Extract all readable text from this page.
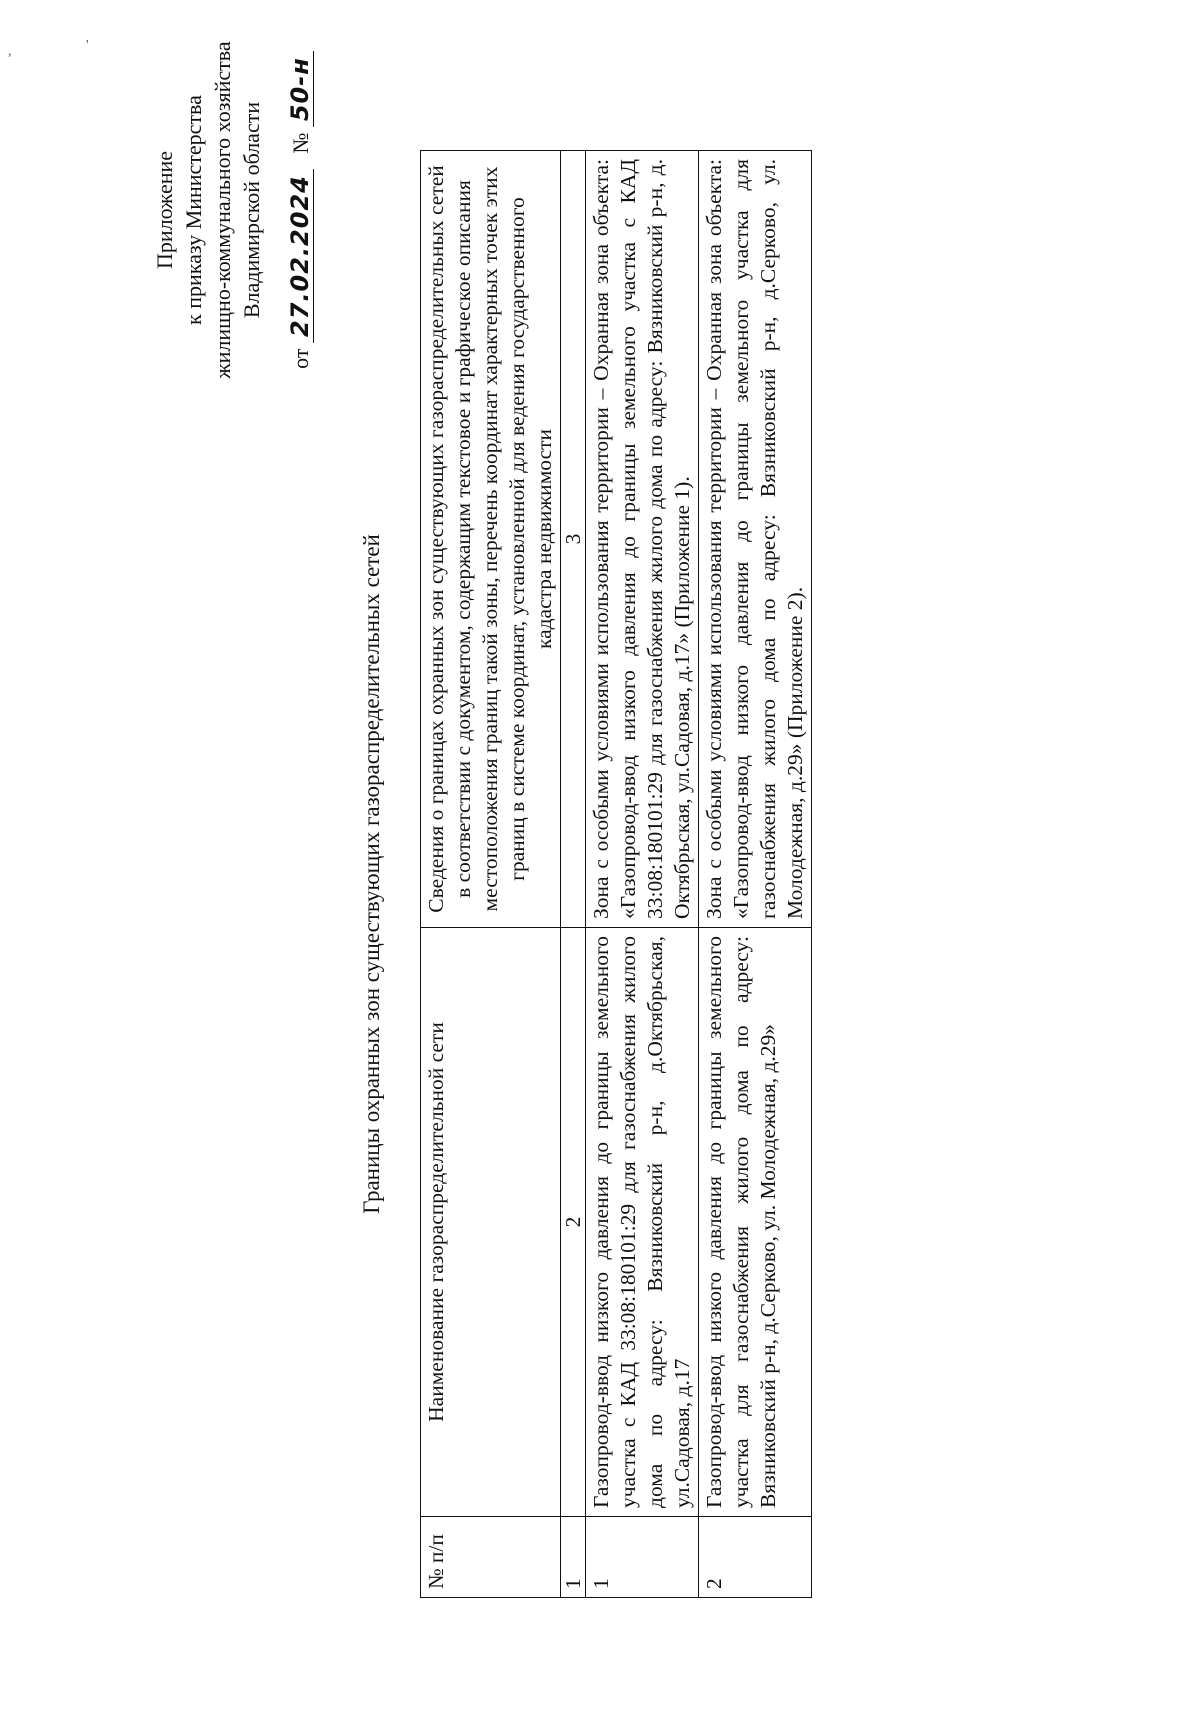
Приложение к приказу Министерства жилищно-коммунального хозяйства Владимирской области
от 27.02.2024 № 50-н
Границы охранных зон существующих газораспределительных сетей
№ п/п	Наименование газораспределительной сети	Сведения о границах охранных зон существующих газораспределительных сетей в соответствии с документом, содержащим текстовое и графическое описания местоположения границ такой зоны, перечень координат характерных точек этих границ в системе координат, установленной для ведения государственного кадастра недвижимости
1	2	3
1	Газопровод-ввод низкого давления до границы земельного участка с КАД 33:08:180101:29 для газоснабжения жилого дома по адресу: Вязниковский р-н, д.Октябрьская, ул.Садовая, д.17	Зона с особыми условиями использования территории – Охранная зона объекта: «Газопровод-ввод низкого давления до границы земельного участка с КАД 33:08:180101:29 для газоснабжения жилого дома по адресу: Вязниковский р-н, д. Октябрьская, ул.Садовая, д.17» (Приложение 1).
2	Газопровод-ввод низкого давления до границы земельного участка для газоснабжения жилого дома по адресу: Вязниковский р-н, д.Серково, ул. Молодежная, д.29»	Зона с особыми условиями использования территории – Охранная зона объекта: «Газопровод-ввод низкого давления до границы земельного участка для газоснабжения жилого дома по адресу: Вязниковский р-н, д.Серково, ул. Молодежная, д.29» (Приложение 2).
,	'
